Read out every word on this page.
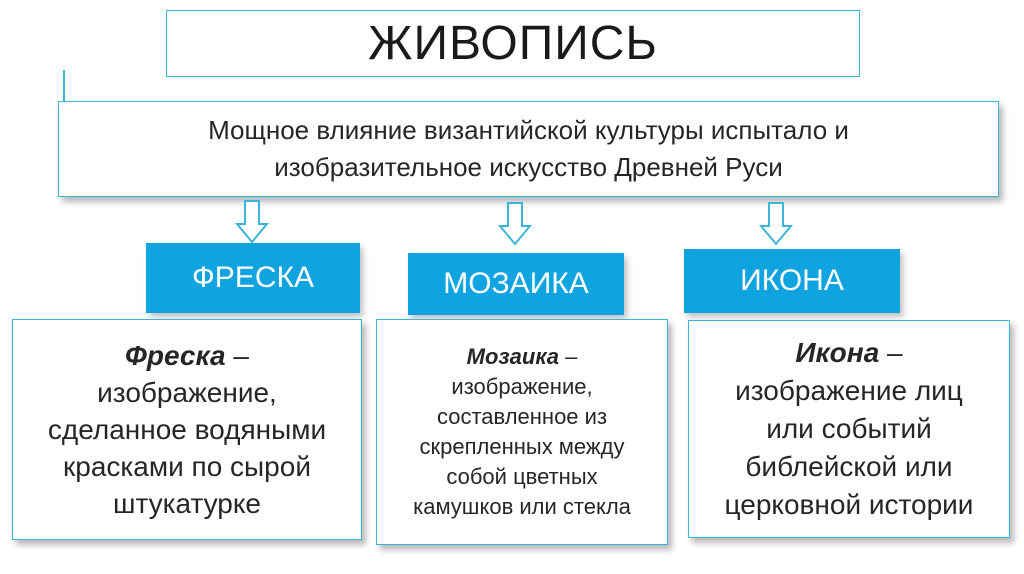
ЖИВОПИСЬ
Мощное влияние византийской культуры испытало и
изобразительное искусство Древней Руси
ФРЕСКА	МОЗАИКА	ИКОНА
Фреска –
изображение,
сделанное водяными
красками по сырой
штукатурке
Мозаика –
изображение,
составленное из
скрепленных между
собой цветных
камушков или стекла
Икона –
изображение лиц
или событий
библейской или
церковной истории
